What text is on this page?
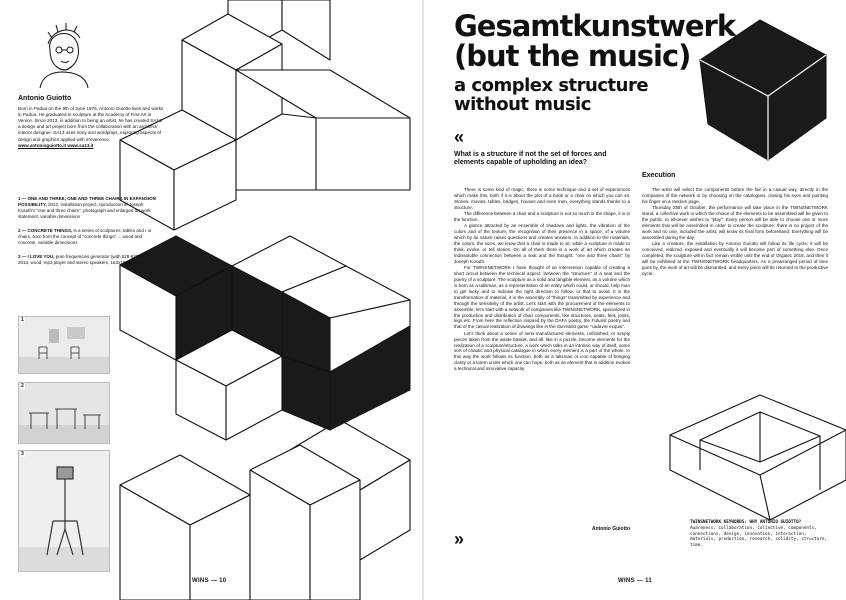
Antonio Guiotto
Born in Padua on the 9th of June 1976, Antonio Guiotto lives and works in Padua. He graduated in sculpture at the Academy of Fine Art in Venice. Since 2013, in addition to being an artist, he has created SA13, a design and art project born from the collaboration with an architect/ interior designer. SA13 uses irony and wordplays, exploring aspects of design and graphics applied with irreverence.
www.antonioguiotto.it www.sa13.it
1 — ONE AND THREE, ONE AND THREE CHAIRS IN EXPANSION POSSIBILITY, 2012, installation project, riproduction of Joseph Kosuth's "one and three chairs", photograph and enlarged art work statement, variable dimensions
2 — CONCRETE THINGS, is a series of sculptures, tables and / or chairs, born from the concept of "concrete things"..., wood and concrete, variable dimensions
3 — I LOVE YOU, pure frequencies generator (with 528-936 Hz), 2013, wood, mp3 player and stereo speakers, 163x109x105cm
1
2
3
WINS — 10
Gesamtkunstwerk (but the music)
a complex structure without music
«
What is a structure if not the set of forces and elements capable of upholding an idea?

There is some kind of magic, there is some technique and a set of experiences which make this, both if it is about the plot of a book or a chair on which you can sit. Stories, movies, tables, bridges, houses and even men, everything stands thanks to a structure.

The difference between a chair and a sculpture is not so much in the shape, it is in the function.

A glance attracted by an ensemble of shadows and lights, the vibration of the colors and of the texture, the recognition of their presence in a space, of a volume which by its nature raises questions and creates answers. In addition to the materials, the colors, the sizes, we know that a chair is made to sit, while a sculpture is made to think, evoke, or tell stories. On all of them there is a work of art which creates an indissoluble connection between a seat and the thought: "one and three chairs" by Joseph Kosuth.

For TWINSNETWORK I have thought of an intervention capable of creating a short circuit between the technical aspect, between the "structure" of a seat and the poetry of a sculpture. The sculpture as a solid and tangible element, as a volume which is born as a talisman, as a representation of an entity which could, or should, help man to get lucky and to indicate the right direction to follow, or that to avoid. It is the transformation of material, it is the assembly of "things" transmitted by experience and through the sensitivity of the artist. Let's start with the procurement of the elements to assemble, let's start with a network of companies like TWINSNETWORK, specialized in the production and distribution of chair components, like structures, seats, feet, joints, legs etc. From here the reflection inspired by the DAFA poetry, the Futurist poetry and that of the casual realization of drawings like in the Surrealist game "cadavre exquis".

Let's think about a series of semi-manufactured elements, unfinished, or simply pieces taken from the waste basket, and all, like in a puzzle, become elements for the realization of a sculpture/structure, a work which talks in an intrinsic way of itself, some sort of chaotic and physical catalogue in which every element is a part of the whole. In this way the work follows its function, both as a talisman or icon capable of bringing clarity or a totem under which one can hope, both as an element that in addition evokes a technical and innovative capacity.

Antonio Guiotto
»
Execution

The artist will select the components before the fair in a casual way, directly in the companies of the network or by choosing on the catalogues, closing his eyes and pointing his finger on a random page.

Thursday 25th of October, the performance will take place in the TWINSNETWORK stand, a collective work in which the choice of the elements to be assembled will be given to the public, to whoever wishes to "play". Every person will be able to choose one or more elements that will be assembled in order to create the sculpture; there is no project of the work and no one, included the artist, will know its final form beforehand. Everything will be assembled during the day.

Like a creature, the installation by Antonio Guiotto will follow its life cycle: it will be conceived, realized, exposed and eventually it will become part of something else. Once completed, the sculpture will in fact remain visible until the end of Orgatec 2018, and then it will be exhibited at the TWINSNETWORK headquarters. As a prearranged period of time goes by, the work of art will be dismantled, and every piece will be returned to the productive cycle.

TWINSNETWORK KEYWORDS: WHY ANTONIO GUIOTTO?
Awareness, collaboration, collective, components, connections, design, innovation, interaction, materials, production, research, solidity, structure, time.
WINS — 11
